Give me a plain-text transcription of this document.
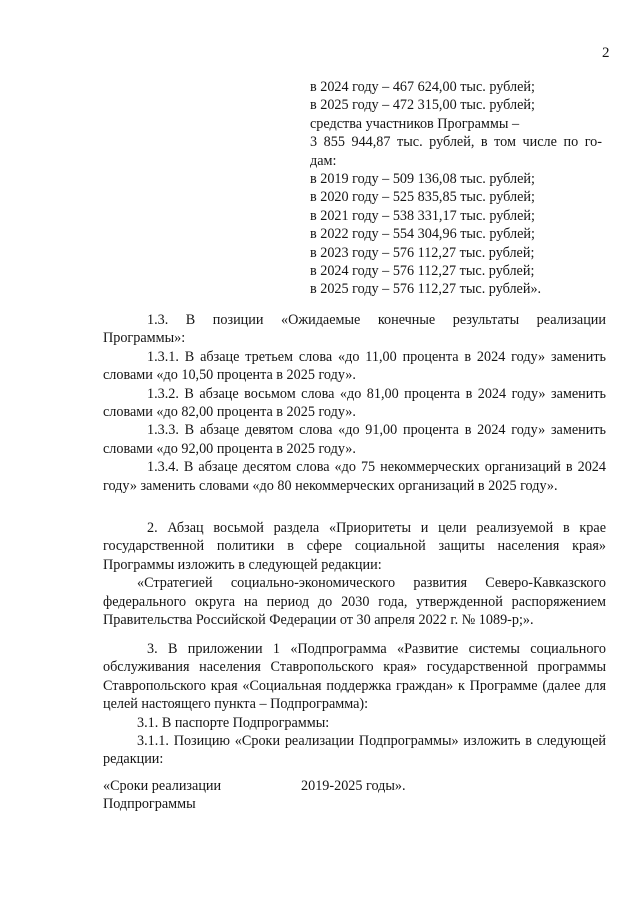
2
в 2024 году – 467 624,00 тыс. рублей;
в 2025 году – 472 315,00 тыс. рублей;
средства участников Программы –
3 855 944,87 тыс. рублей, в том числе по го-
дам:
в 2019 году – 509 136,08 тыс. рублей;
в 2020 году – 525 835,85 тыс. рублей;
в 2021 году – 538 331,17 тыс. рублей;
в 2022 году – 554 304,96 тыс. рублей;
в 2023 году – 576 112,27 тыс. рублей;
в 2024 году – 576 112,27 тыс. рублей;
в 2025 году – 576 112,27 тыс. рублей».

1.3. В позиции «Ожидаемые конечные результаты реализации Программы»:

1.3.1. В абзаце третьем слова «до 11,00 процента в 2024 году» заменить словами «до 10,50 процента в 2025 году».

1.3.2. В абзаце восьмом слова «до 81,00 процента в 2024 году» заменить словами «до 82,00 процента в 2025 году».

1.3.3. В абзаце девятом слова «до 91,00 процента в 2024 году» заменить словами «до 92,00 процента в 2025 году».

1.3.4. В абзаце десятом слова «до 75 некоммерческих организаций в 2024 году» заменить словами «до 80 некоммерческих организаций в 2025 году».

2. Абзац восьмой раздела «Приоритеты и цели реализуемой в крае государственной политики в сфере социальной защиты населения края» Программы изложить в следующей редакции:

«Стратегией социально-экономического развития Северо-Кавказского федерального округа на период до 2030 года, утвержденной распоряжением Правительства Российской Федерации от 30 апреля 2022 г. № 1089-р;».

3. В приложении 1 «Подпрограмма «Развитие системы социального обслуживания населения Ставропольского края» государственной программы Ставропольского края «Социальная поддержка граждан» к Программе (далее для целей настоящего пункта – Подпрограмма):

3.1. В паспорте Подпрограммы:

3.1.1. Позицию «Сроки реализации Подпрограммы» изложить в следующей редакции:

«Сроки реализации Подпрограммы
2019-2025 годы».
